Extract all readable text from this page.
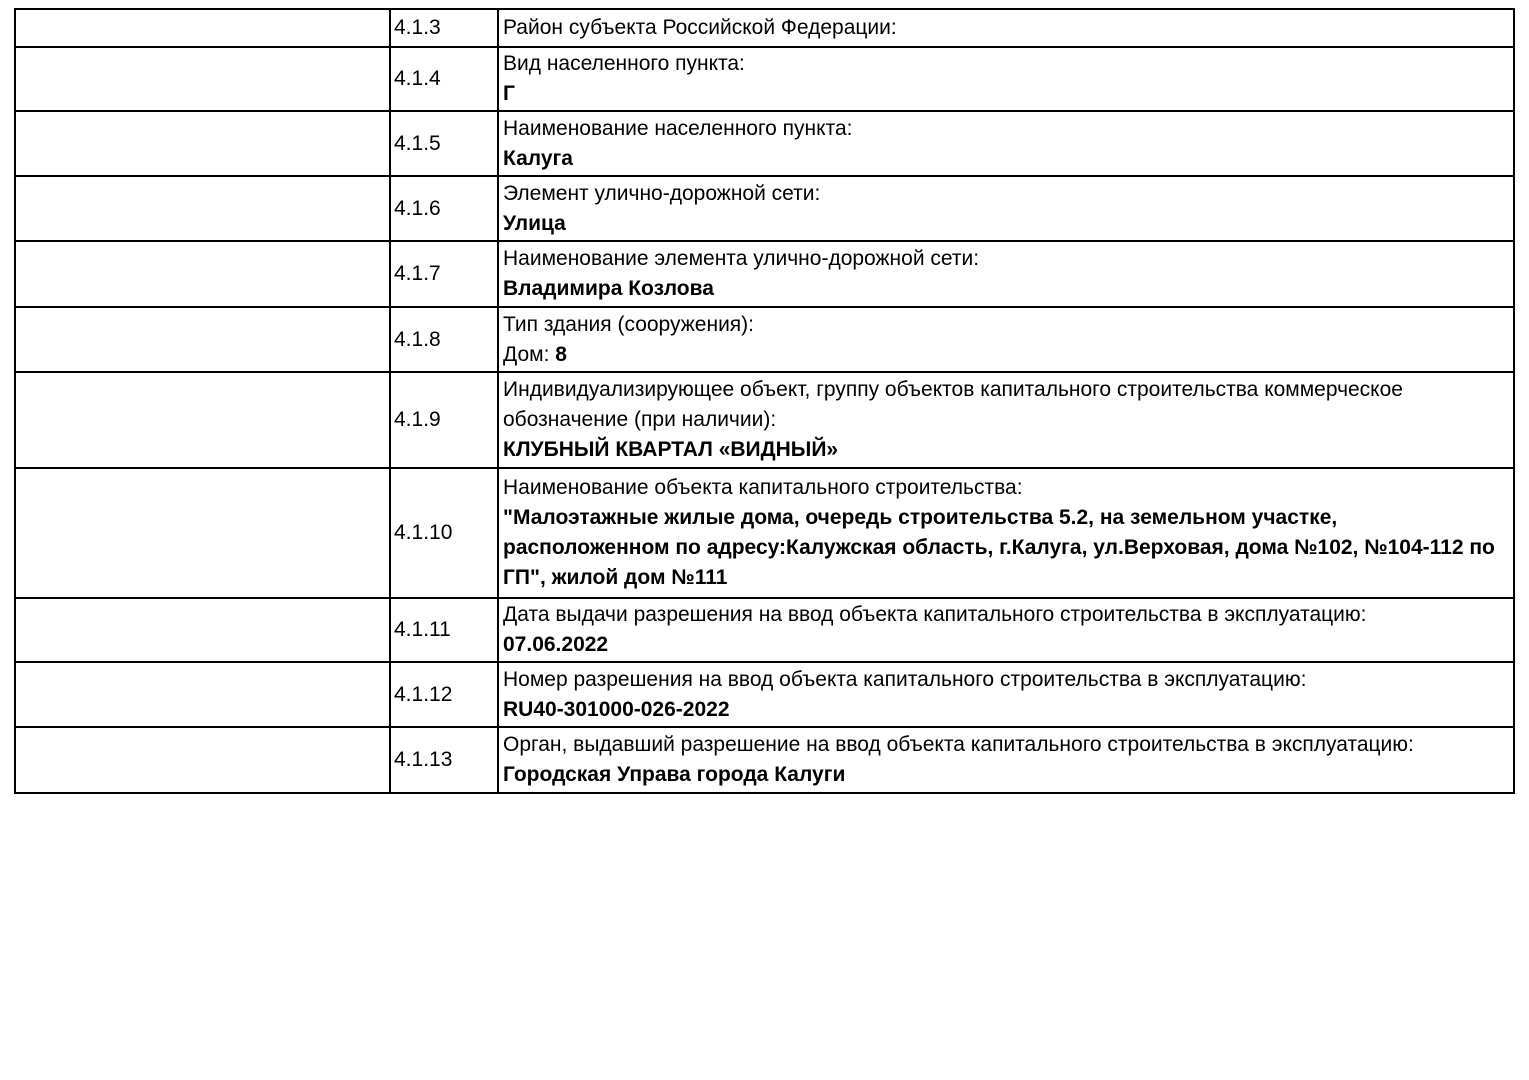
	4.1.3	Район субъекта Российской Федерации:

	4.1.4	Вид населенного пункта:
Г

	4.1.5	Наименование населенного пункта:
Калуга

	4.1.6	Элемент улично-дорожной сети:
Улица

	4.1.7	Наименование элемента улично-дорожной сети:
Владимира Козлова

	4.1.8	Тип здания (сооружения):
Дом: 8

	4.1.9	Индивидуализирующее объект, группу объектов капитального строительства коммерческое обозначение (при наличии):
КЛУБНЫЙ КВАРТАЛ «ВИДНЫЙ»

	4.1.10	Наименование объекта капитального строительства:
"Малоэтажные жилые дома, очередь строительства 5.2, на земельном участке, расположенном по адресу:Калужская область, г.Калуга, ул.Верховая, дома №102, №104-112 по ГП", жилой дом №111

	4.1.11	Дата выдачи разрешения на ввод объекта капитального строительства в эксплуатацию:
07.06.2022

	4.1.12	Номер разрешения на ввод объекта капитального строительства в эксплуатацию:
RU40-301000-026-2022

	4.1.13	Орган, выдавший разрешение на ввод объекта капитального строительства в эксплуатацию:
Городская Управа города Калуги
